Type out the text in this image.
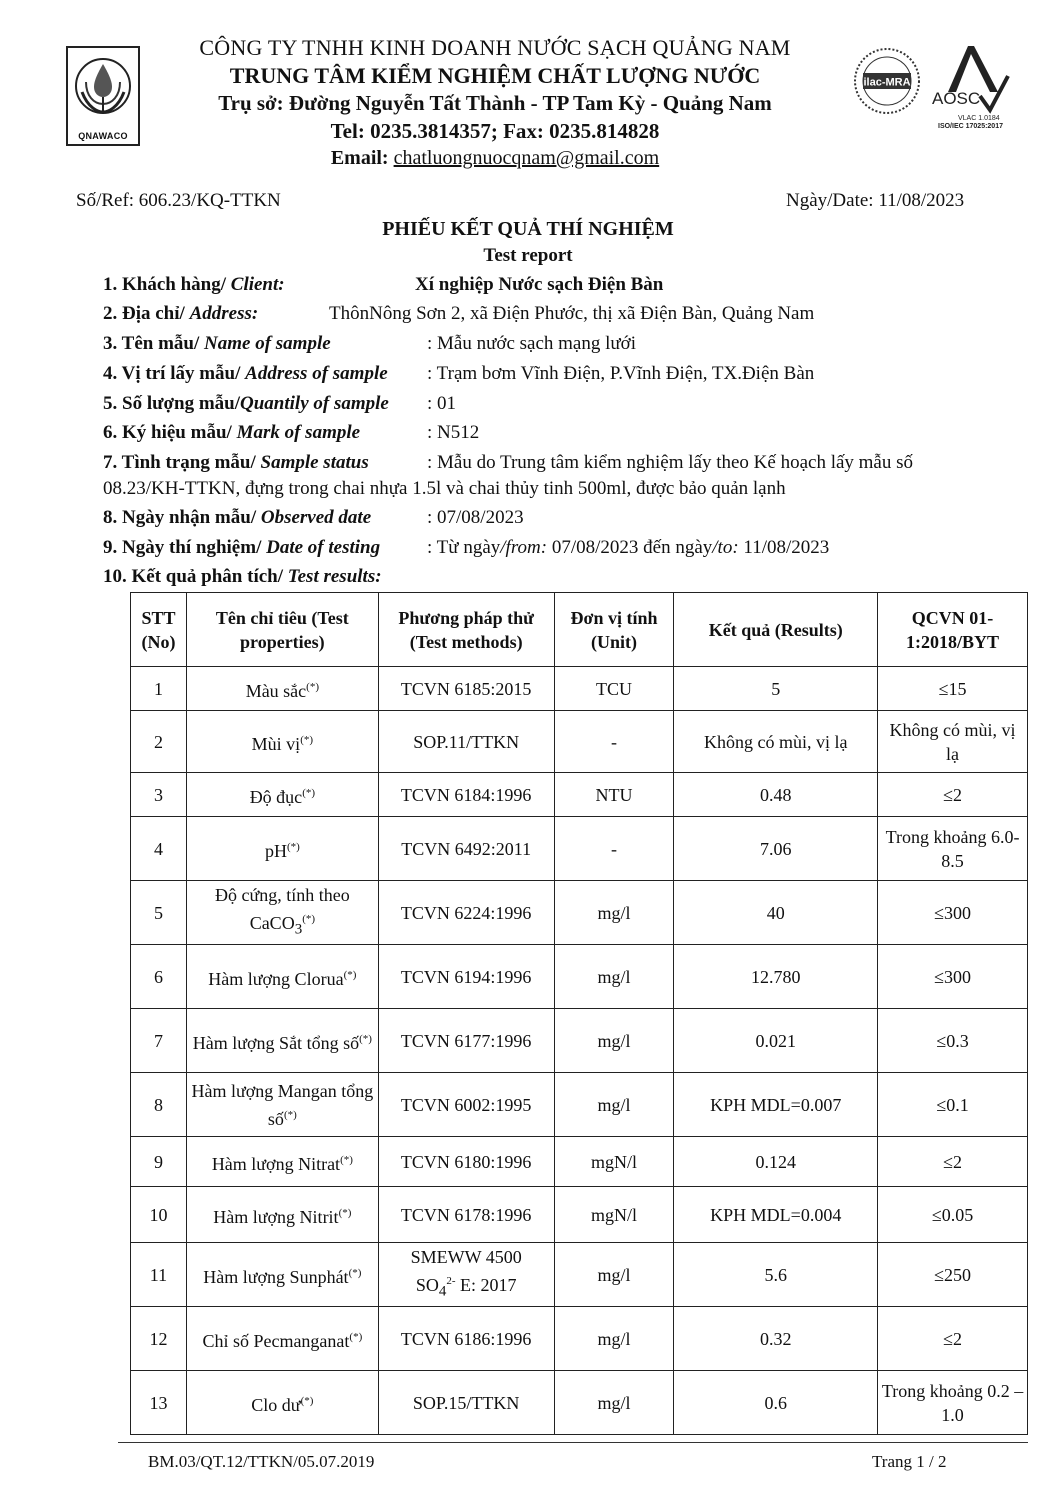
QNAWACO
CÔNG TY TNHH KINH DOANH NƯỚC SẠCH QUẢNG NAM
TRUNG TÂM KIỂM NGHIỆM CHẤT LƯỢNG NƯỚC
Trụ sở: Đường Nguyễn Tất Thành - TP Tam Kỳ - Quảng Nam
Tel: 0235.3814357; Fax: 0235.814828
Email: chatluongnuocqnam@gmail.com
ilac-MRA
AOSC
VLAC 1.0184
ISO/IEC 17025:2017
Số/Ref: 606.23/KQ-TTKN	Ngày/Date: 11/08/2023
PHIẾU KẾT QUẢ THÍ NGHIỆM
Test report
1. Khách hàng/ Client:	Xí nghiệp Nước sạch Điện Bàn
2. Địa chỉ/ Address:	ThônNông Sơn 2, xã Điện Phước, thị xã Điện Bàn, Quảng Nam
3. Tên mẫu/ Name of sample	: Mẫu nước sạch mạng lưới
4. Vị trí lấy mẫu/ Address of sample : Trạm bơm Vĩnh Điện, P.Vĩnh Điện, TX.Điện Bàn
5. Số lượng mẫu/Quantily of sample : 01
6. Ký hiệu mẫu/ Mark of sample	: N512
7. Tình trạng mẫu/ Sample status	: Mẫu do Trung tâm kiểm nghiệm lấy theo Kế hoạch lấy mẫu số
08.23/KH-TTKN, đựng trong chai nhựa 1.5l và chai thủy tinh 500ml, được bảo quản lạnh
8. Ngày nhận mẫu/ Observed date	: 07/08/2023
9. Ngày thí nghiệm/ Date of testing : Từ ngày/from: 07/08/2023 đến ngày/to: 11/08/2023
10. Kết quả phân tích/ Test results:
STT (No)	Tên chỉ tiêu (Test properties)	Phương pháp thử (Test methods)	Đơn vị tính (Unit)	Kết quả (Results)	QCVN 01-1:2018/BYT
1	Màu sắc(*)	TCVN 6185:2015	TCU	5	≤15
2	Mùi vị(*)	SOP.11/TTKN	-	Không có mùi, vị lạ	Không có mùi, vị lạ
3	Độ đục(*)	TCVN 6184:1996	NTU	0.48	≤2
4	pH(*)	TCVN 6492:2011	-	7.06	Trong khoảng 6.0-8.5
5	Độ cứng, tính theo CaCO$_3$(*)	TCVN 6224:1996	mg/l	40	≤300
6	Hàm lượng Clorua(*)	TCVN 6194:1996	mg/l	12.780	≤300
7	Hàm lượng Sắt tổng số(*)	TCVN 6177:1996	mg/l	0.021	≤0.3
8	Hàm lượng Mangan tổng số(*)	TCVN 6002:1995	mg/l	KPH MDL=0.007	≤0.1
9	Hàm lượng Nitrat(*)	TCVN 6180:1996	mgN/l	0.124	≤2
10	Hàm lượng Nitrit(*)	TCVN 6178:1996	mgN/l	KPH MDL=0.004	≤0.05
11	Hàm lượng Sunphát(*)	SMEWW 4500
$SO_4^{2-}$ E: 2017	mg/l	5.6	≤250
12	Chỉ số Pecmanganat(*)	TCVN 6186:1996	mg/l	0.32	≤2
13	Clo dư(*)	SOP.15/TTKN	mg/l	0.6	Trong khoảng 0.2 – 1.0
BM.03/QT.12/TTKN/05.07.2019	Trang 1 / 2
